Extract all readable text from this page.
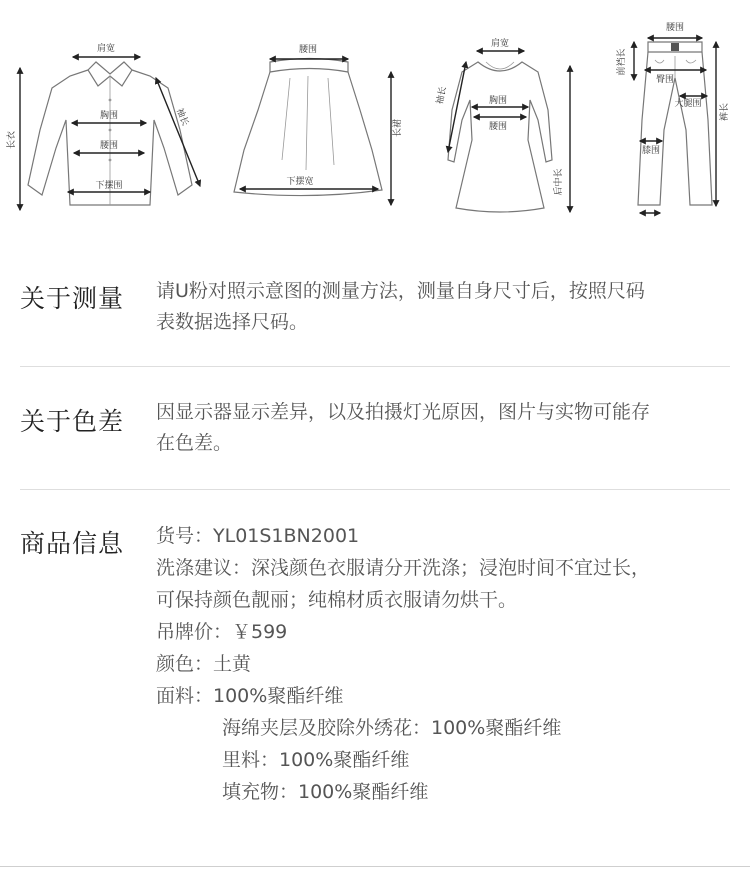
肩宽
长衣
胸围
腰围
袖长
下摆围
腰围
长裙
下摆宽
肩宽
袖长	胸围
腰围
后中长
腰围
前裆长
臀围
大腿围 裤长
膝围
关于测量 请U粉对照示意图的测量方法，测量自身尺寸后，按照尺码
表数据选择尺码。
关于色差 因显示器显示差异，以及拍摄灯光原因，图片与实物可能存
在色差。
商品信息 货号：YL01S1BN2001
洗涤建议：深浅颜色衣服请分开洗涤；浸泡时间不宜过长，
可保持颜色靓丽；纯棉材质衣服请勿烘干。
吊牌价：￥599
颜色：土黄
面料：100%聚酯纤维
海绵夹层及胶除外绣花：100%聚酯纤维
里料：100%聚酯纤维
填充物：100%聚酯纤维
